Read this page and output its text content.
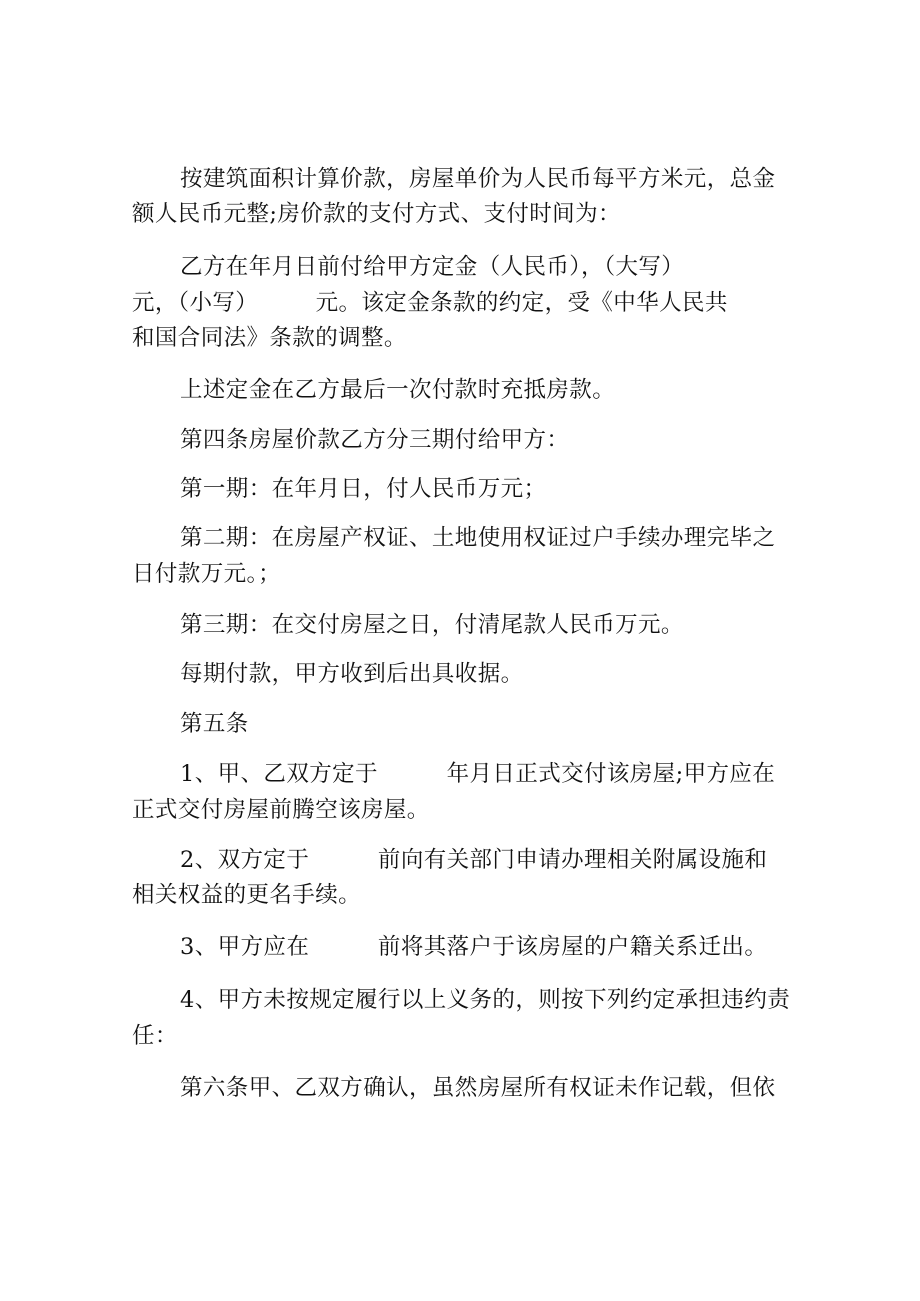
按建筑面积计算价款，房屋单价为人民币每平方米元，总金

额人民币元整;房价款的支付方式、支付时间为：

乙方在年月日前付给甲方定金（人民币），（大写）

元，（小写）　　　元。该定金条款的约定，受《中华人民共

和国合同法》条款的调整。

上述定金在乙方最后一次付款时充抵房款。

第四条房屋价款乙方分三期付给甲方：

第一期：在年月日，付人民币万元；

第二期：在房屋产权证、土地使用权证过户手续办理完毕之

日付款万元。；

第三期：在交付房屋之日，付清尾款人民币万元。

每期付款，甲方收到后出具收据。

第五条

1、甲、乙双方定于　　　年月日正式交付该房屋;甲方应在

正式交付房屋前腾空该房屋。

2、双方定于　　　前向有关部门申请办理相关附属设施和

相关权益的更名手续。

3、甲方应在　　　前将其落户于该房屋的户籍关系迁出。

4、甲方未按规定履行以上义务的，则按下列约定承担违约责

任：

第六条甲、乙双方确认，虽然房屋所有权证未作记载，但依
